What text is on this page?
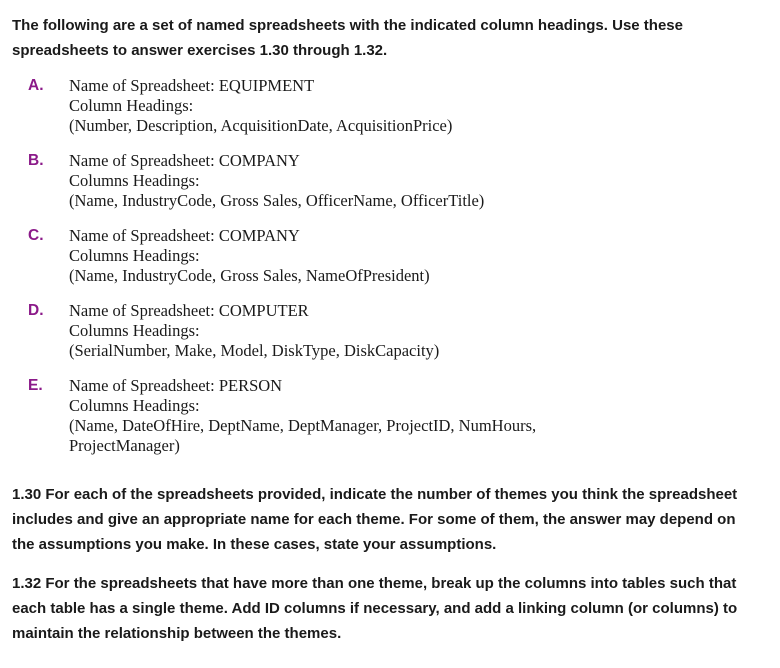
The following are a set of named spreadsheets with the indicated column headings. Use these
spreadsheets to answer exercises 1.30 through 1.32.
A. Name of Spreadsheet: EQUIPMENT
Column Headings:
(Number, Description, AcquisitionDate, AcquisitionPrice)
B. Name of Spreadsheet: COMPANY
Columns Headings:
(Name, IndustryCode, Gross Sales, OfficerName, OfficerTitle)
C. Name of Spreadsheet: COMPANY
Columns Headings:
(Name, IndustryCode, Gross Sales, NameOfPresident)
D. Name of Spreadsheet: COMPUTER
Columns Headings:
(SerialNumber, Make, Model, DiskType, DiskCapacity)
E. Name of Spreadsheet: PERSON
Columns Headings:
(Name, DateOfHire, DeptName, DeptManager, ProjectID, NumHours,
ProjectManager)
1.30 For each of the spreadsheets provided, indicate the number of themes you think the spreadsheet
includes and give an appropriate name for each theme. For some of them, the answer may depend on
the assumptions you make. In these cases, state your assumptions.
1.32 For the spreadsheets that have more than one theme, break up the columns into tables such that
each table has a single theme. Add ID columns if necessary, and add a linking column (or columns) to
maintain the relationship between the themes.
